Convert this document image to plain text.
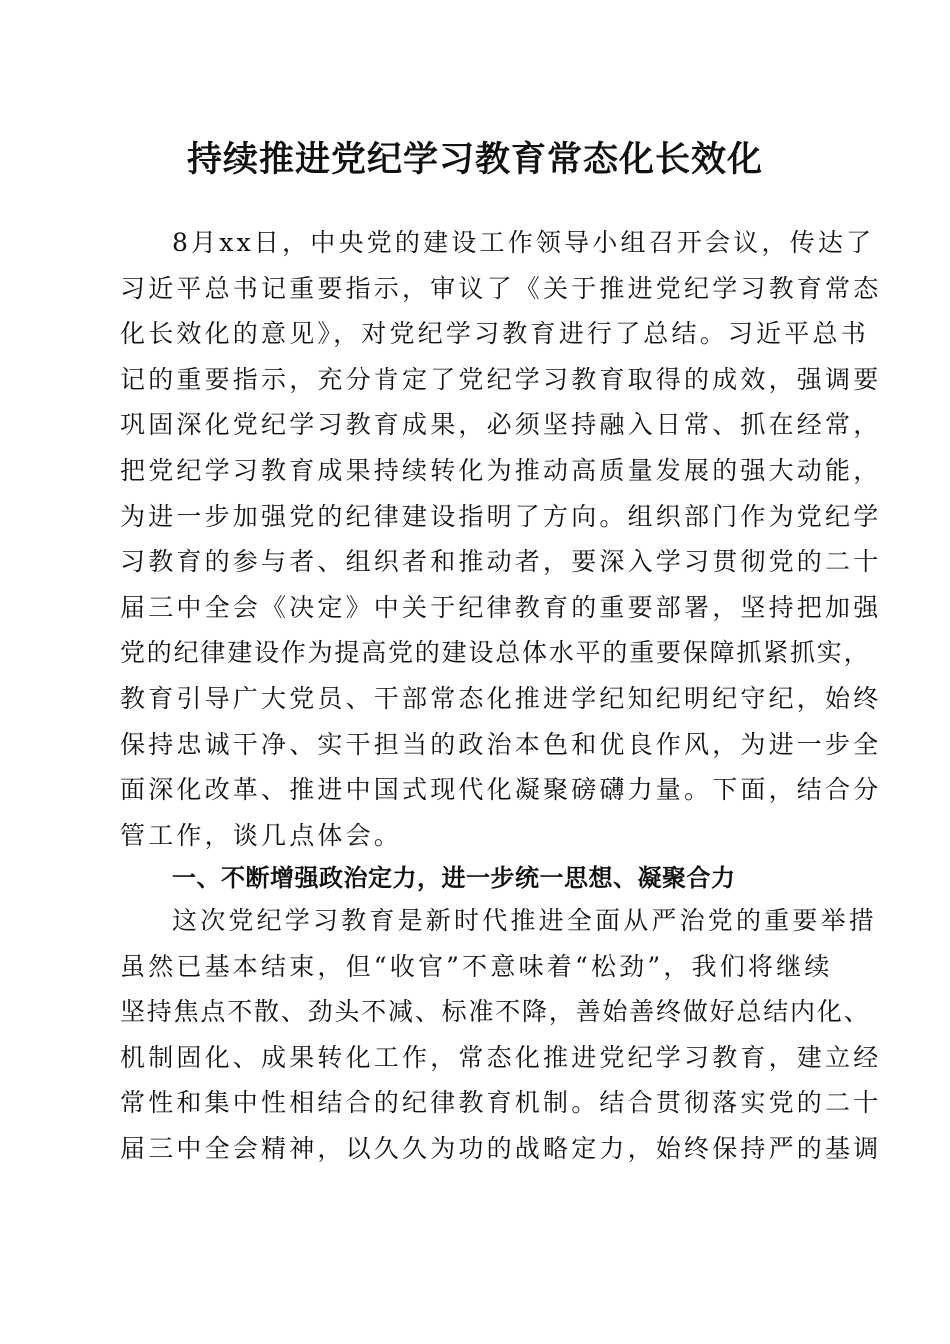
持续推进党纪学习教育常态化长效化
8月xx日，中央党的建设工作领导小组召开会议，传达了
习近平总书记重要指示，审议了《关于推进党纪学习教育常态
化长效化的意见》，对党纪学习教育进行了总结。习近平总书
记的重要指示，充分肯定了党纪学习教育取得的成效，强调要
巩固深化党纪学习教育成果，必须坚持融入日常、抓在经常，
把党纪学习教育成果持续转化为推动高质量发展的强大动能，
为进一步加强党的纪律建设指明了方向。组织部门作为党纪学
习教育的参与者、组织者和推动者，要深入学习贯彻党的二十
届三中全会《决定》中关于纪律教育的重要部署，坚持把加强
党的纪律建设作为提高党的建设总体水平的重要保障抓紧抓实，
教育引导广大党员、干部常态化推进学纪知纪明纪守纪，始终
保持忠诚干净、实干担当的政治本色和优良作风，为进一步全
面深化改革、推进中国式现代化凝聚磅礴力量。下面，结合分
管工作，谈几点体会。
一、不断增强政治定力，进一步统一思想、凝聚合力
这次党纪学习教育是新时代推进全面从严治党的重要举措
虽然已基本结束，但“收官”不意味着“松劲”，我们将继续
坚持焦点不散、劲头不减、标准不降，善始善终做好总结内化、
机制固化、成果转化工作，常态化推进党纪学习教育，建立经
常性和集中性相结合的纪律教育机制。结合贯彻落实党的二十
届三中全会精神，以久久为功的战略定力，始终保持严的基调
